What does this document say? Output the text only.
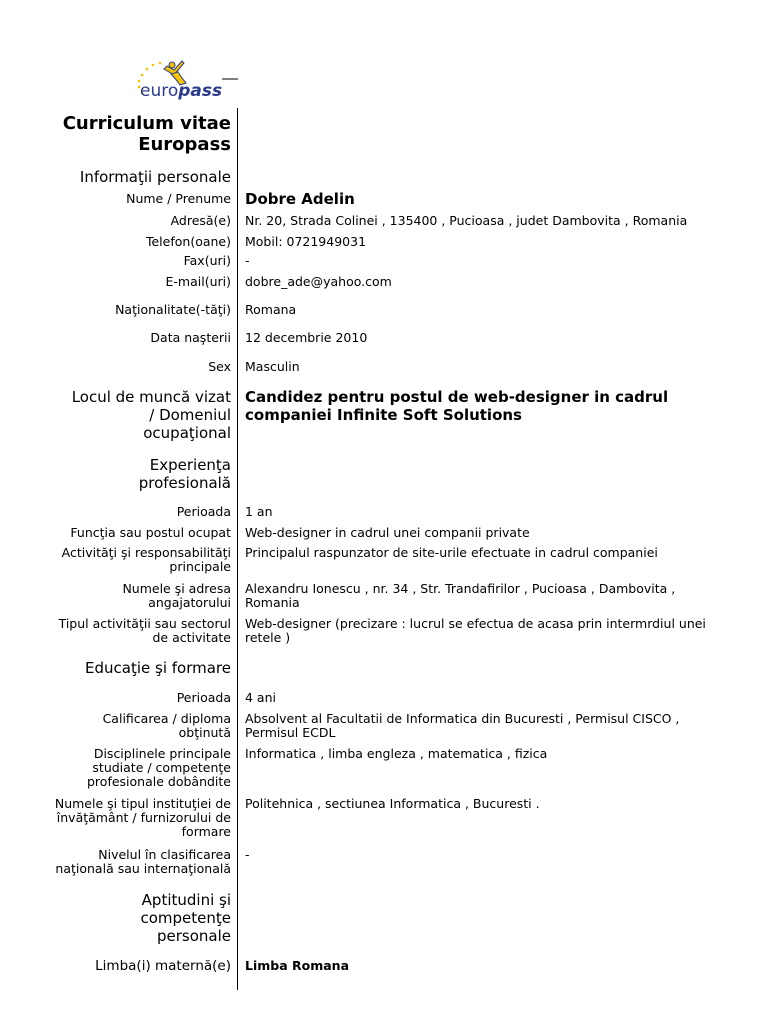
europass
Curriculum vitae
Europass
Informaţii personale
Nume / Prenume Dobre Adelin
Adresă(e) Nr. 20, Strada Colinei , 135400 , Pucioasa , judet Dambovita , Romania
Telefon(oane) Mobil: 0721949031
Fax(uri) -
E-mail(uri) dobre_ade@yahoo.com
Naţionalitate(-tăţi) Romana
Data naşterii 12 decembrie 2010
Sex Masculin
Locul de muncă vizat
/ Domeniul
ocupaţional
Candidez pentru postul de web-designer in cadrul
companiei Infinite Soft Solutions
Experienţa
profesională
Perioada 1 an
Funcţia sau postul ocupat Web-designer in cadrul unei companii private
Activităţi şi responsabilităţi
principale
Principalul raspunzator de site-urile efectuate in cadrul companiei
Numele şi adresa
angajatorului
Alexandru Ionescu , nr. 34 , Str. Trandafirilor , Pucioasa , Dambovita ,
Romania
Tipul activităţii sau sectorul
de activitate
Web-designer (precizare : lucrul se efectua de acasa prin intermrdiul unei
retele )
Educaţie şi formare
Perioada 4 ani
Calificarea / diploma
obţinută
Absolvent al Facultatii de Informatica din Bucuresti , Permisul CISCO ,
Permisul ECDL
Disciplinele principale
studiate / competenţe
profesionale dobândite
Informatica , limba engleza , matematica , fizica
Numele şi tipul instituţiei de
învăţământ / furnizorului de
formare
Politehnica , sectiunea Informatica , Bucuresti .
Nivelul în clasificarea
naţională sau internaţională
-
Aptitudini şi
competenţe
personale
Limba(i) maternă(e) Limba Romana
